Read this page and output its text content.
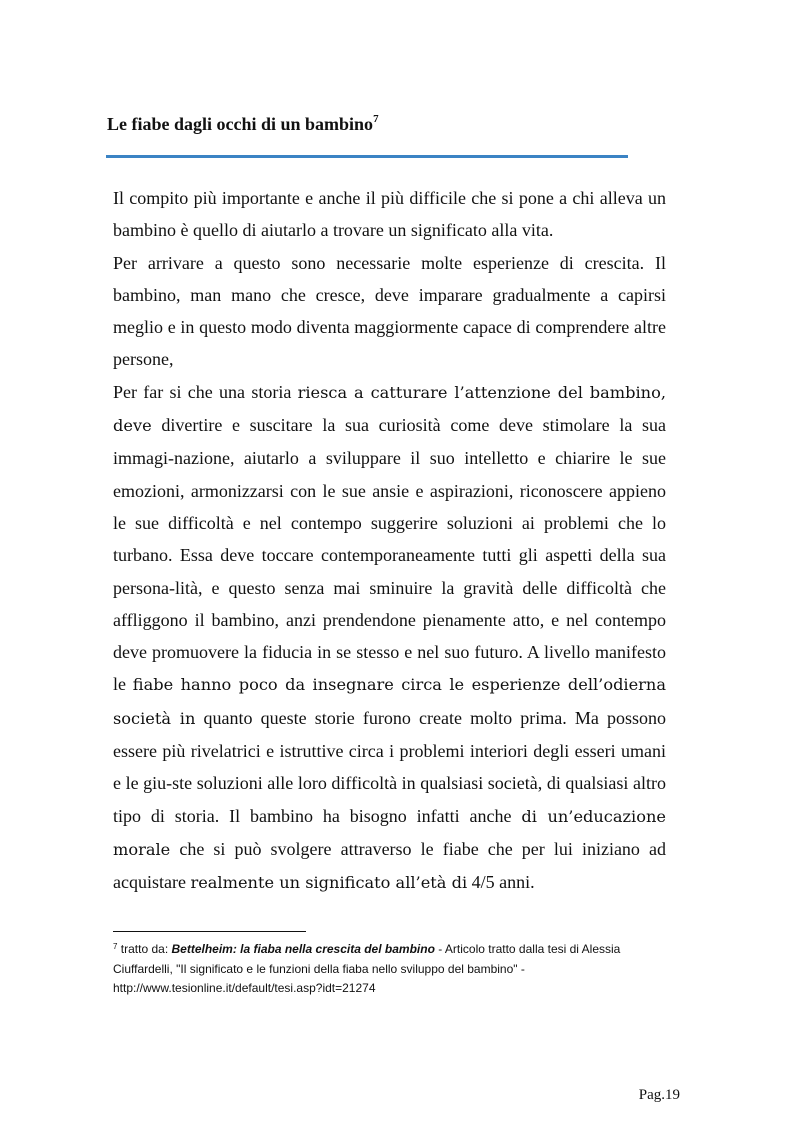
Le fiabe dagli occhi di un bambino$^7$

Il compito più importante e anche il più difficile che si pone a chi alleva un bambino è quello di aiutarlo a trovare un significato alla vita.

Per arrivare a questo sono necessarie molte esperienze di crescita. Il bambino, man mano che cresce, deve imparare gradualmente a capirsi meglio e in questo modo diventa maggiormente capace di comprendere altre persone,

Per far si che una storia riesca a catturare l’attenzione del bambino, deve divertire e suscitare la sua curiosità come deve stimolare la sua immagi-nazione, aiutarlo a sviluppare il suo intelletto e chiarire le sue emozioni, armonizzarsi con le sue ansie e aspirazioni, riconoscere appieno le sue difficoltà e nel contempo suggerire soluzioni ai problemi che lo turbano. Essa deve toccare contemporaneamente tutti gli aspetti della sua persona-lità, e questo senza mai sminuire la gravità delle difficoltà che affliggono il bambino, anzi prendendone pienamente atto, e nel contempo deve promuovere la fiducia in se stesso e nel suo futuro. A livello manifesto le fiabe hanno poco da insegnare circa le esperienze dell’odierna società in quanto queste storie furono create molto prima. Ma possono essere più rivelatrici e istruttive circa i problemi interiori degli esseri umani e le giu-ste soluzioni alle loro difficoltà in qualsiasi società, di qualsiasi altro tipo di storia. Il bambino ha bisogno infatti anche di un’educazione morale che si può svolgere attraverso le fiabe che per lui iniziano ad acquistare realmente un significato all’età di 4/5 anni.

$^7$ tratto da: Bettelheim: la fiaba nella crescita del bambino - Articolo tratto dalla tesi di Alessia Ciuffardelli, "Il significato e le funzioni della fiaba nello sviluppo del bambino" - http://www.tesionline.it/default/tesi.asp?idt=21274

Pag.19
